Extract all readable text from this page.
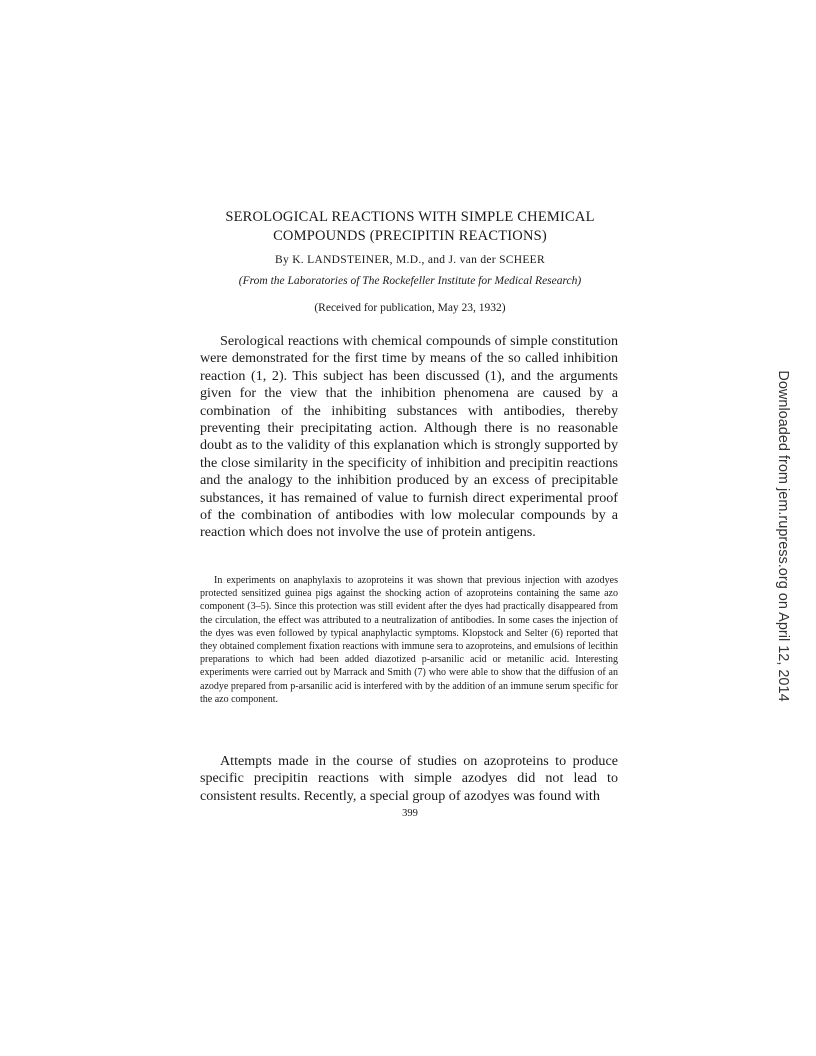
SEROLOGICAL REACTIONS WITH SIMPLE CHEMICAL
COMPOUNDS (PRECIPITIN REACTIONS)
By K. LANDSTEINER, M.D., and J. van der SCHEER
(From the Laboratories of The Rockefeller Institute for Medical Research)
(Received for publication, May 23, 1932)

Serological reactions with chemical compounds of simple constitution were demonstrated for the first time by means of the so called inhibition reaction (1, 2). This subject has been discussed (1), and the arguments given for the view that the inhibition phenomena are caused by a combination of the inhibiting substances with antibodies, thereby preventing their precipitating action. Although there is no reasonable doubt as to the validity of this explanation which is strongly supported by the close similarity in the specificity of inhibition and precipitin reactions and the analogy to the inhibition produced by an excess of precipitable substances, it has remained of value to furnish direct experimental proof of the combination of antibodies with low molecular compounds by a reaction which does not involve the use of protein antigens.

In experiments on anaphylaxis to azoproteins it was shown that previous injection with azodyes protected sensitized guinea pigs against the shocking action of azoproteins containing the same azo component (3–5). Since this protection was still evident after the dyes had practically disappeared from the circulation, the effect was attributed to a neutralization of antibodies. In some cases the injection of the dyes was even followed by typical anaphylactic symptoms. Klopstock and Selter (6) reported that they obtained complement fixation reactions with immune sera to azoproteins, and emulsions of lecithin preparations to which had been added diazotized p-arsanilic acid or metanilic acid. Interesting experiments were carried out by Marrack and Smith (7) who were able to show that the diffusion of an azodye prepared from p-arsanilic acid is interfered with by the addition of an immune serum specific for the azo component.

Attempts made in the course of studies on azoproteins to produce specific precipitin reactions with simple azodyes did not lead to consistent results. Recently, a special group of azodyes was found with

399
Downloaded from jem.rupress.org on April 12, 2014
